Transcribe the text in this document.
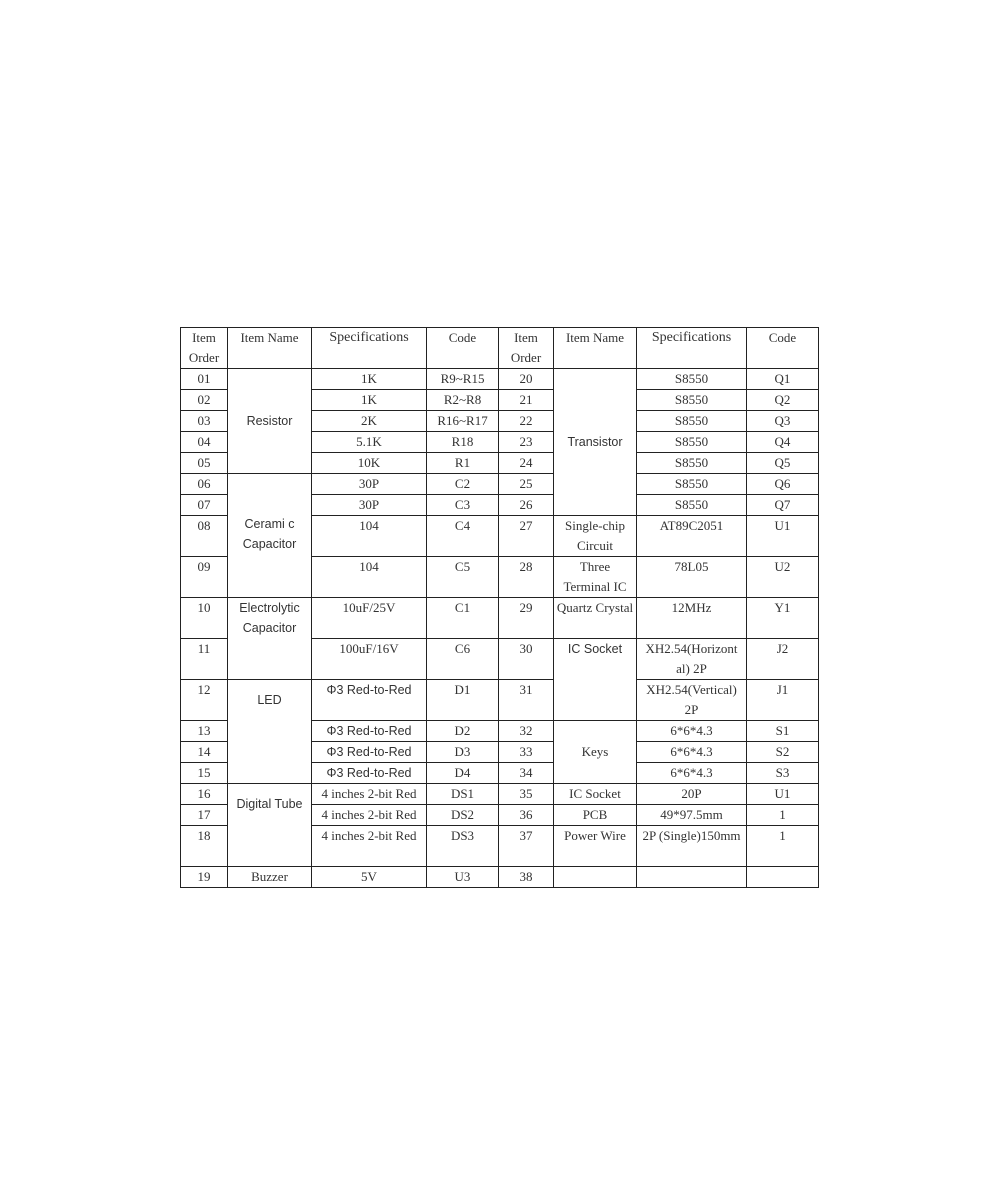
Item Order	Item Name	Specifications	Code	Item Order	Item Name	Specifications	Code
01	Resistor	1K	R9~R15	20	Transistor	S8550	Q1
02		1K	R2~R8	21		S8550	Q2
03		2K	R16~R17	22		S8550	Q3
04		5.1K	R18	23		S8550	Q4
05		10K	R1	24		S8550	Q5
06	Cerami c Capacitor	30P	C2	25		S8550	Q6
07		30P	C3	26		S8550	Q7
08		104	C4	27	Single-chip Circuit	AT89C2051	U1
09		104	C5	28	Three Terminal IC	78L05	U2
10	Electrolytic Capacitor	10uF/25V	C1	29	Quartz Crystal	12MHz	Y1
11		100uF/16V	C6	30	IC Socket	XH2.54(Horizont al) 2P	J2
12	LED	Φ3 Red-to-Red	D1	31		XH2.54(Vertical) 2P	J1
13		Φ3 Red-to-Red	D2	32	Keys	6*6*4.3	S1
14		Φ3 Red-to-Red	D3	33		6*6*4.3	S2
15		Φ3 Red-to-Red	D4	34		6*6*4.3	S3
16	Digital Tube	4 inches 2-bit Red	DS1	35	IC Socket	20P	U1
17		4 inches 2-bit Red	DS2	36	PCB	49*97.5mm	1
18		4 inches 2-bit Red	DS3	37	Power Wire	2P (Single)150mm	1
19	Buzzer	5V	U3	38			
